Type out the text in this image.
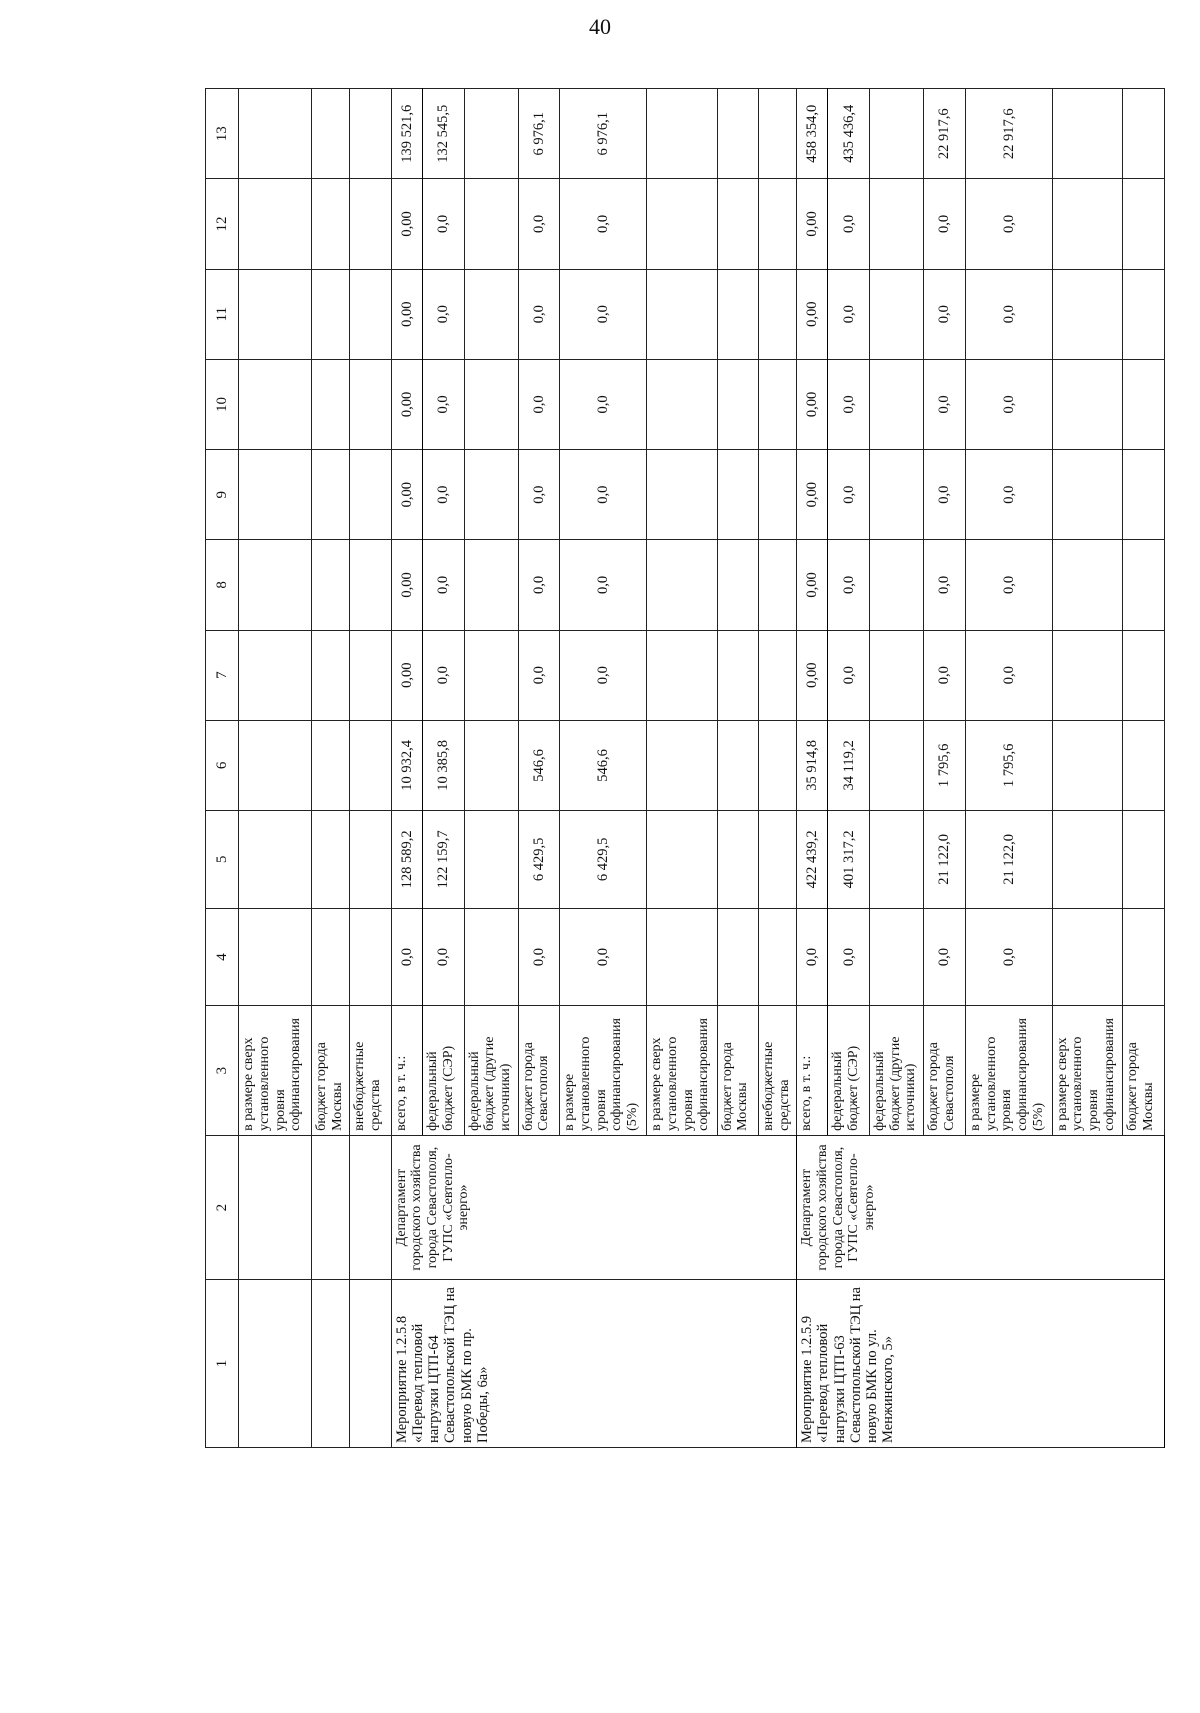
40
1	2	3	4	5	6	7	8	9	10	11	12	13
		в размере сверх установленного уровня софинансирования										
		бюджет города Москвы										
		внебюджетные средства										
Мероприятие 1.2.5.8 «Перевод тепловой нагрузки ЦТП-64 Севастопольской ТЭЦ на новую БМК по пр. Победы, 6а»	Департамент городского хозяйства города Севастополя, ГУПС «Севтепло-энерго»	всего, в т. ч.:	0,0	128 589,2	10 932,4	0,00	0,00	0,00	0,00	0,00	0,00	139 521,6
		федеральный бюджет (СЭР)	0,0	122 159,7	10 385,8	0,0	0,0	0,0	0,0	0,0	0,0	132 545,5
		федеральный бюджет (другие источники)										
		бюджет города Севастополя	0,0	6 429,5	546,6	0,0	0,0	0,0	0,0	0,0	0,0	6 976,1
		в размере установленного уровня софинансирования (5%)	0,0	6 429,5	546,6	0,0	0,0	0,0	0,0	0,0	0,0	6 976,1
		в размере сверх установленного уровня софинансирования										
		бюджет города Москвы										
		внебюджетные средства										
Мероприятие 1.2.5.9 «Перевод тепловой нагрузки ЦТП-63 Севастопольской ТЭЦ на новую БМК по ул. Менжинского, 5»	Департамент городского хозяйства города Севастополя, ГУПС «Севтепло-энерго»	всего, в т. ч.:	0,0	422 439,2	35 914,8	0,00	0,00	0,00	0,00	0,00	0,00	458 354,0
		федеральный бюджет (СЭР)	0,0	401 317,2	34 119,2	0,0	0,0	0,0	0,0	0,0	0,0	435 436,4
		федеральный бюджет (другие источники)										
		бюджет города Севастополя	0,0	21 122,0	1 795,6	0,0	0,0	0,0	0,0	0,0	0,0	22 917,6
		в размере установленного уровня софинансирования (5%)	0,0	21 122,0	1 795,6	0,0	0,0	0,0	0,0	0,0	0,0	22 917,6
		в размере сверх установленного уровня софинансирования										
		бюджет города Москвы										
